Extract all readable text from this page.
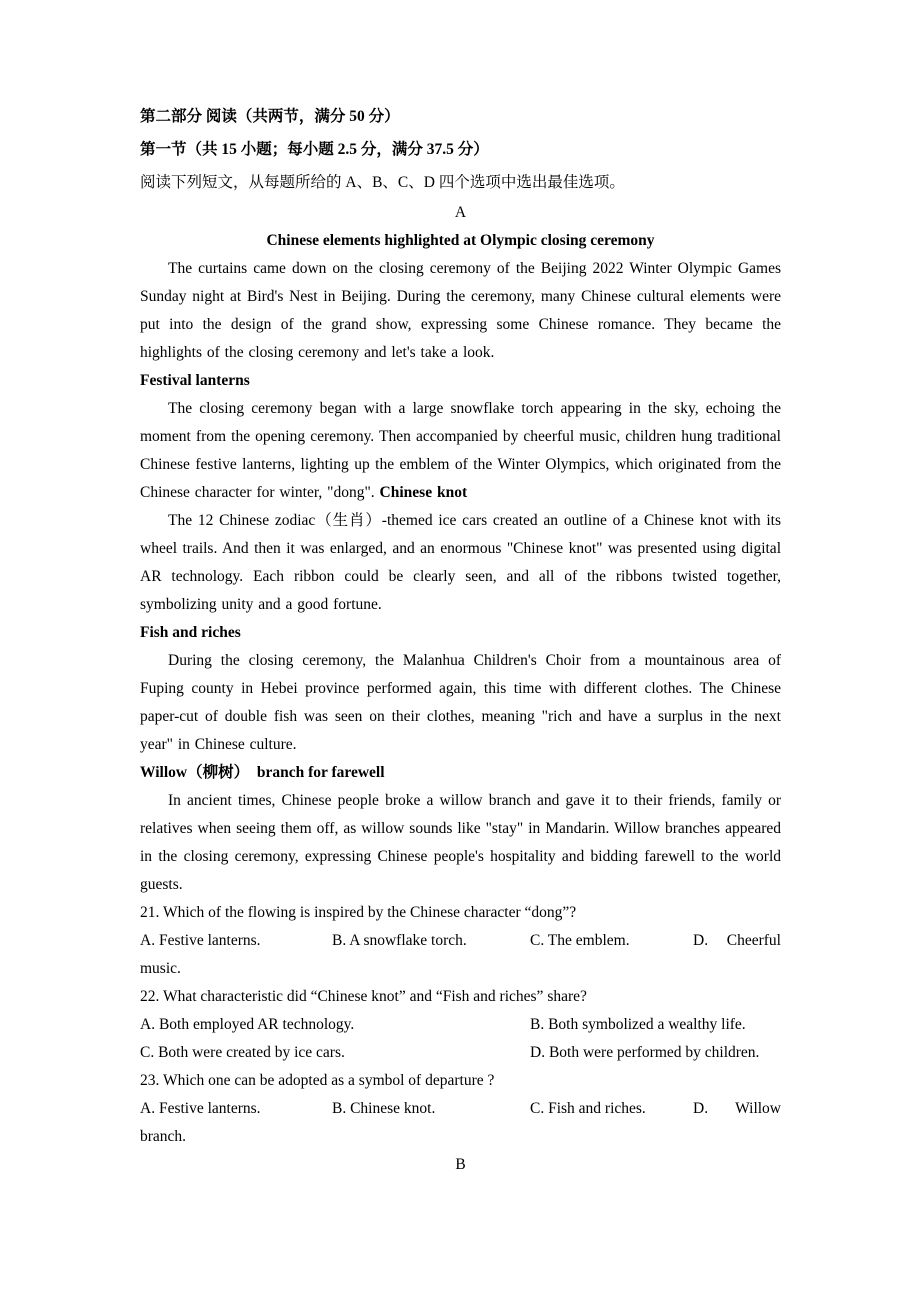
第二部分 阅读（共两节，满分 50 分）

第一节（共 15 小题；每小题 2.5 分，满分 37.5 分）

阅读下列短文，从每题所给的 A、B、C、D 四个选项中选出最佳选项。

A

Chinese elements highlighted at Olympic closing ceremony

The curtains came down on the closing ceremony of the Beijing 2022 Winter Olympic Games Sunday night at Bird's Nest in Beijing. During the ceremony, many Chinese cultural elements were put into the design of the grand show, expressing some Chinese romance. They became the highlights of the closing ceremony and let's take a look.

Festival lanterns

The closing ceremony began with a large snowflake torch appearing in the sky, echoing the moment from the opening ceremony. Then accompanied by cheerful music, children hung traditional Chinese festive lanterns, lighting up the emblem of the Winter Olympics, which originated from the Chinese character for winter, "dong". Chinese knot

The 12 Chinese zodiac（生肖）-themed ice cars created an outline of a Chinese knot with its wheel trails. And then it was enlarged, and an enormous "Chinese knot" was presented using digital AR technology. Each ribbon could be clearly seen, and all of the ribbons twisted together, symbolizing unity and a good fortune.

Fish and riches

During the closing ceremony, the Malanhua Children's Choir from a mountainous area of Fuping county in Hebei province performed again, this time with different clothes. The Chinese paper-cut of double fish was seen on their clothes, meaning "rich and have a surplus in the next year" in Chinese culture.

Willow（柳树）  branch for farewell

In ancient times, Chinese people broke a willow branch and gave it to their friends, family or relatives when seeing them off, as willow sounds like "stay" in Mandarin. Willow branches appeared in the closing ceremony, expressing Chinese people's hospitality and bidding farewell to the world guests.

21. Which of the flowing is inspired by the Chinese character “dong”?

A. Festive lanterns.	B. A snowflake torch.	C. The emblem.	D. Cheerful

music.

22. What characteristic did “Chinese knot” and “Fish and riches” share?

A. Both employed AR technology.	B. Both symbolized a wealthy life.
C. Both were created by ice cars.	D. Both were performed by children.

23. Which one can be adopted as a symbol of departure ?

A. Festive lanterns.	B. Chinese knot.	C. Fish and riches.	D. Willow

branch.

B
